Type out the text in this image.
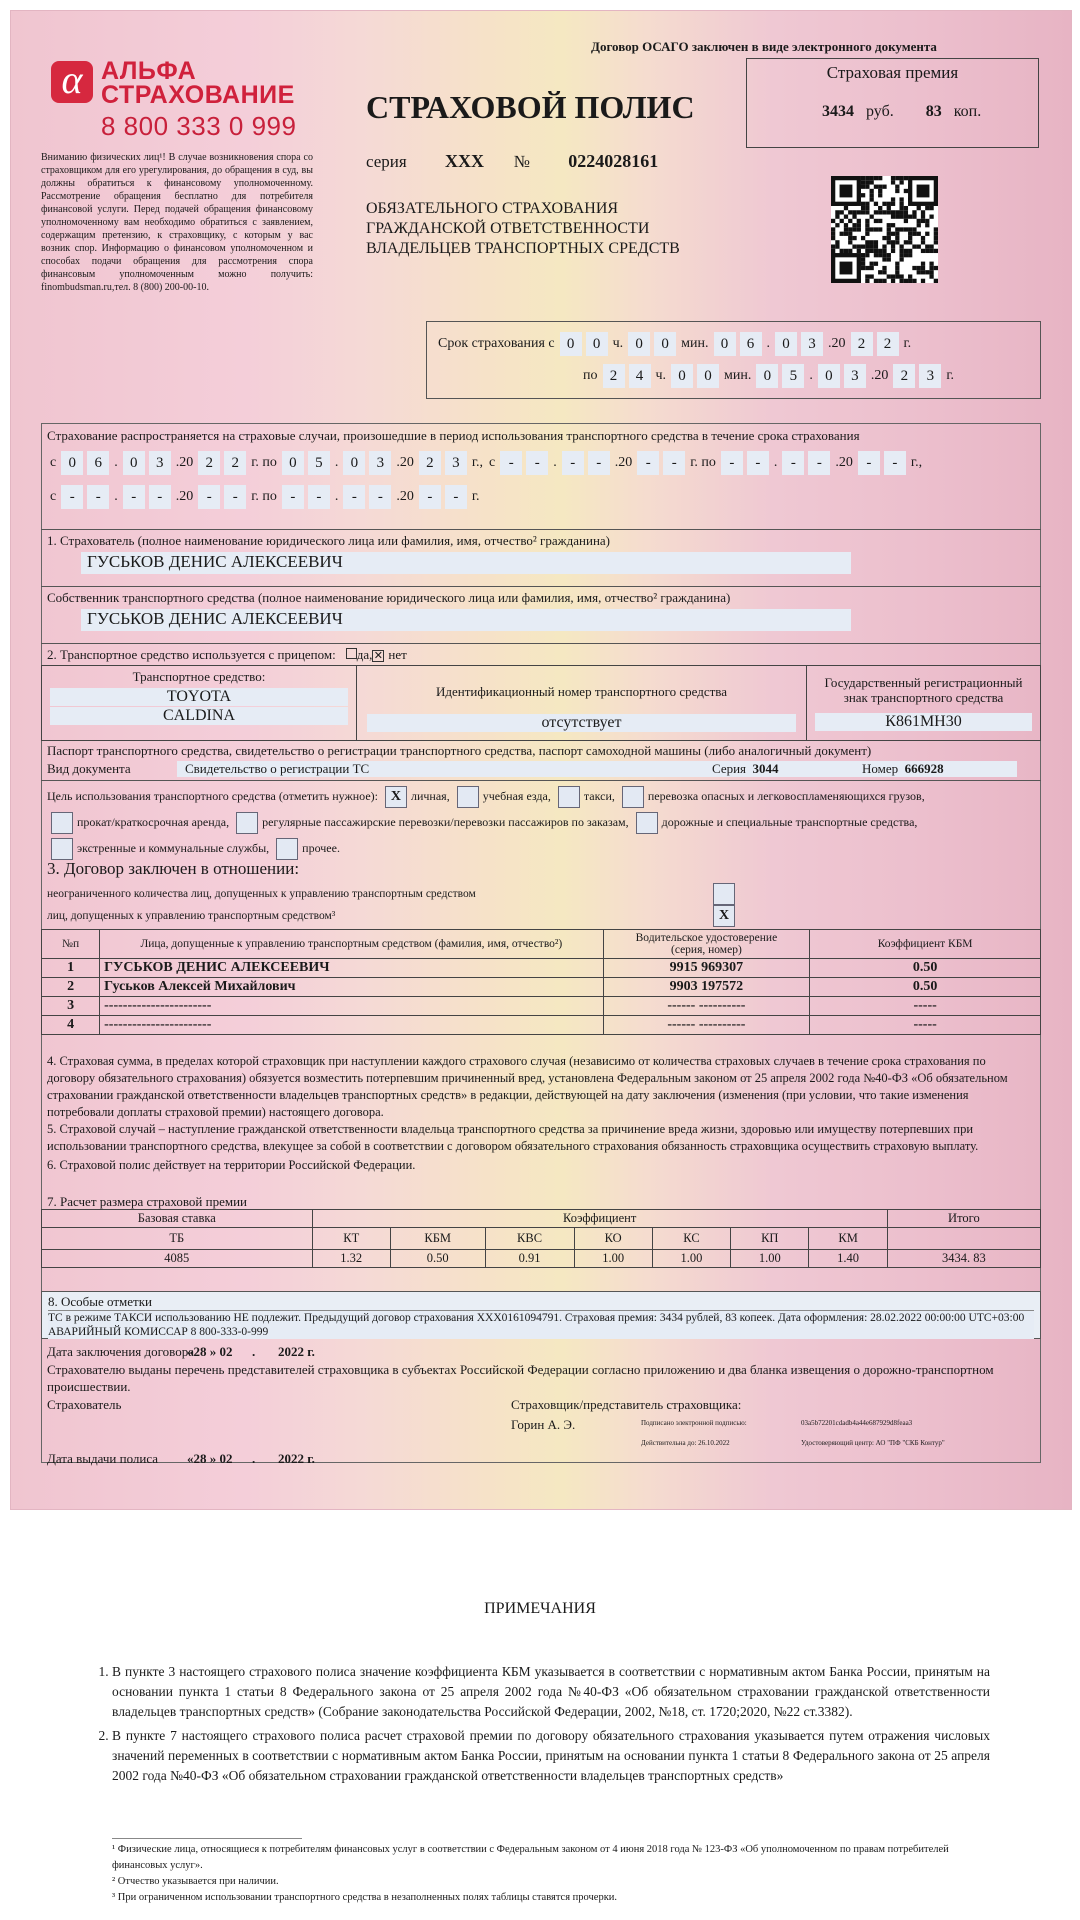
Договор ОСАГО заключен в виде электронного документа
α АЛЬФА
СТРАХОВАНИЕ
8 800 333 0 999
Вниманию физических лиц¹! В случае возникновения спора со страховщиком для его урегулирования, до обращения в суд, вы должны обратиться к финансовому уполномоченному. Рассмотрение обращения бесплатно для потребителя финансовой услуги. Перед подачей обращения финансовому уполномоченному вам необходимо обратиться с заявлением, содержащим претензию, к страховщику, с которым у вас возник спор. Информацию о финансовом уполномоченном и способах подачи обращения для рассмотрения спора финансовым уполномоченным можно получить: finombudsman.ru,тел. 8 (800) 200-00-10.
Страховая премия
3434 руб. 83 коп.
СТРАХОВОЙ ПОЛИС
серия XXX № 0224028161
ОБЯЗАТЕЛЬНОГО СТРАХОВАНИЯ
ГРАЖДАНСКОЙ ОТВЕТСТВЕННОСТИ
ВЛАДЕЛЬЦЕВ ТРАНСПОРТНЫХ СРЕДСТВ
Срок страхования с 0	0 ч. 0	0 мин. 0	6 . 0	3 .20 2	2 г.
по 2	4 ч. 0	0 мин. 0	5 . 0	3 .20 2	3 г.
Страхование распространяется на страховые случаи, произошедшие в период использования транспортного средства в течение срока страхования
с 0	6 . 0	3 .20 2	2 г. по 0	5 . 0	3 .20 2	3 г., с -	- . -	- .20 -	- г. по -	- . -	- .20 -	- г.,
с -	- . -	- .20 -	- г. по -	- . -	- .20 -	- г.
1. Страхователь (полное наименование юридического лица или фамилия, имя, отчество² гражданина)
ГУСЬКОВ ДЕНИС АЛЕКСЕЕВИЧ
Собственник транспортного средства (полное наименование юридического лица или фамилия, имя, отчество² гражданина)
ГУСЬКОВ ДЕНИС АЛЕКСЕЕВИЧ
2. Транспортное средство используется с прицепом: да,✕ нет
Транспортное средство:
TOYOTA
CALDINA

Идентификационный номер транспортного средства
отсутствует

Государственный регистрационный знак транспортного средства
К861МН30
Паспорт транспортного средства, свидетельство о регистрации транспортного средства, паспорт самоходной машины (либо аналогичный документ)
Вид документа	Свидетельство о регистрации ТС	Серия 3044	Номер 666928
Цель использования транспортного средства (отметить нужное): X личная,	учебная езда,	такси,	перевозка опасных и легковоспламеняющихся грузов,
прокат/краткосрочная аренда,	регулярные пассажирские перевозки/перевозки пассажиров по заказам,	дорожные и специальные транспортные средства,
экстренные и коммунальные службы,	прочее.
3. Договор заключен в отношении:
неограниченного количества лиц, допущенных к управлению транспортным средством
лиц, допущенных к управлению транспортным средством³	X
№п	Лица, допущенные к управлению транспортным средством (фамилия, имя, отчество²)	Водительское удостоверение (серия, номер)	Коэффициент КБМ
1	ГУСЬКОВ ДЕНИС АЛЕКСЕЕВИЧ	9915 969307	0.50
2	Гуськов Алексей Михайлович	9903 197572	0.50
3	-----------------------	------ ----------	-----
4	-----------------------	------ ----------	-----
4. Страховая сумма, в пределах которой страховщик при наступлении каждого страхового случая (независимо от количества страховых случаев в течение срока страхования по договору обязательного страхования) обязуется возместить потерпевшим причиненный вред, установлена Федеральным законом от 25 апреля 2002 года №40-ФЗ «Об обязательном страховании гражданской ответственности владельцев транспортных средств» в редакции, действующей на дату заключения (изменения (при условии, что такие изменения потребовали доплаты страховой премии) настоящего договора.
5. Страховой случай – наступление гражданской ответственности владельца транспортного средства за причинение вреда жизни, здоровью или имуществу потерпевших при использовании транспортного средства, влекущее за собой в соответствии с договором обязательного страхования обязанность страховщика осуществить страховую выплату.
6. Страховой полис действует на территории Российской Федерации.
7. Расчет размера страховой премии
Базовая ставка	Коэффициент							Итого
ТБ	КТ	КБМ	КВС	КО	КС	КП	КМ	
4085	1.32	0.50	0.91	1.00	1.00	1.00	1.40	3434. 83
8. Особые отметки
ТС в режиме ТАКСИ использованию НЕ подлежит. Предыдущий договор страхования XXX0161094791. Страховая премия: 3434 рублей, 83 копеек. Дата оформления: 28.02.2022 00:00:00 UTC+03:00 АВАРИЙНЫЙ КОМИССАР 8 800-333-0-999
Дата заключения договора
«28 »
02
.
2022 г.
Страхователю выданы перечень представителей страховщика в субъектах Российской Федерации согласно приложению и два бланка извещения о дорожно-транспортном происшествии.
Страхователь	Страховщик/представитель страховщика:
Горин А. Э.	Подписано электронной подписью:	03a5b72201cdadb4a44e687929d8feaa3
Действительна до: 26.10.2022	Удостоверяющий центр: АО "ПФ "СКБ Контур"
Дата выдачи полиса	«28 »
02
.
2022 г.
ПРИМЕЧАНИЯ
1. В пункте 3 настоящего страхового полиса значение коэффициента КБМ указывается в соответствии с нормативным актом Банка России, принятым на основании пункта 1 статьи 8 Федерального закона от 25 апреля 2002 года №40-ФЗ «Об обязательном страховании гражданской ответственности владельцев транспортных средств» (Собрание законодательства Российской Федерации, 2002, №18, ст. 1720;2020, №22 ст.3382).
2. В пункте 7 настоящего страхового полиса расчет страховой премии по договору обязательного страхования указывается путем отражения числовых значений переменных в соответствии с нормативным актом Банка России, принятым на основании пункта 1 статьи 8 Федерального закона от 25 апреля 2002 года №40-ФЗ «Об обязательном страховании гражданской ответственности владельцев транспортных средств»
¹ Физические лица, относящиеся к потребителям финансовых услуг в соответствии с Федеральным законом от 4 июня 2018 года № 123-ФЗ «Об уполномоченном по правам потребителей финансовых услуг».
² Отчество указывается при наличии.
³ При ограниченном использовании транспортного средства в незаполненных полях таблицы ставятся прочерки.
